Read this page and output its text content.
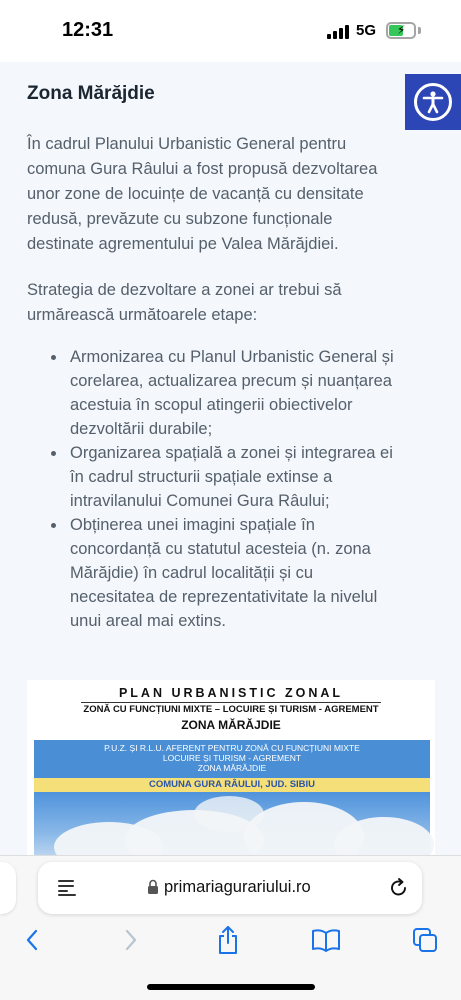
12:31	5G ⚡
Zona Mărăjdie

În cadrul Planului Urbanistic General pentru
comuna Gura Râului a fost propusă dezvoltarea
unor zone de locuințe de vacanță cu densitate
redusă, prevăzute cu subzone funcționale
destinate agrementului pe Valea Mărăjdiei.

Strategia de dezvoltare a zonei ar trebui să
urmărească următoarele etape:

Armonizarea cu Planul Urbanistic General și
corelarea, actualizarea precum și nuanțarea
acestuia în scopul atingerii obiectivelor
dezvoltării durabile;
Organizarea spațială a zonei și integrarea ei
în cadrul structurii spațiale extinse a
intravilanului Comunei Gura Râului;
Obținerea unei imagini spațiale în
concordanță cu statutul acesteia (n. zona
Mărăjdie) în cadrul localității și cu
necesitatea de reprezentativitate la nivelul
unui areal mai extins.
PLAN URBANISTIC ZONAL
ZONĂ CU FUNCȚIUNI MIXTE – LOCUIRE ȘI TURISM - AGREMENT
ZONA MĂRĂJDIE
P.U.Z. ȘI R.L.U. AFERENT PENTRU ZONĂ CU FUNCȚIUNI MIXTE
LOCUIRE ȘI TURISM - AGREMENT
ZONA MĂRĂJDIE
COMUNA GURA RÂULUI, JUD. SIBIU
primariagurariului.ro
